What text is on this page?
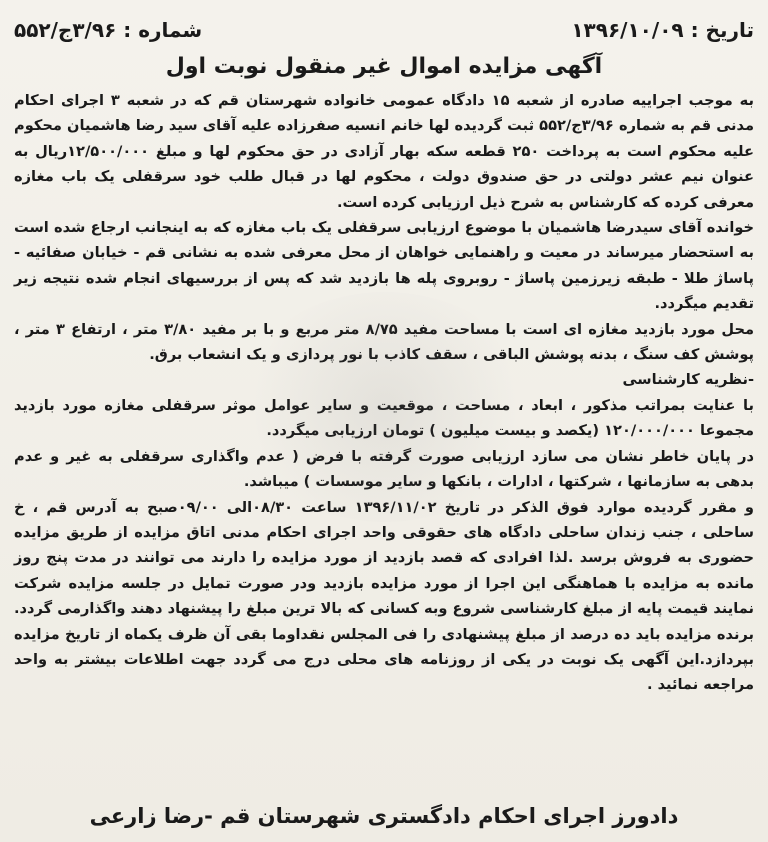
تاریخ : ۱۳۹۶/۱۰/۰۹
شماره : ۳/۹۶ج/۵۵۲
آگهی مزایده اموال غیر منقول نوبت اول

به موجب اجراییه صادره از شعبه ۱۵ دادگاه عمومی خانواده شهرستان قم که در شعبه ۳ اجرای احکام مدنی قم به شماره ۳/۹۶ج/۵۵۲ ثبت گردیده لها خانم انسیه صفرزاده علیه آقای سید رضا هاشمیان محکوم علیه محکوم است به پرداخت ۲۵۰ قطعه سکه بهار آزادی در حق محکوم لها و مبلغ ۱۲/۵۰۰/۰۰۰ریال به عنوان نیم عشر دولتی در حق صندوق دولت ، محکوم لها در قبال طلب خود سرقفلی یک باب مغازه معرفی کرده که کارشناس به شرح ذیل ارزیابی کرده است.

خوانده آقای سیدرضا هاشمیان با موضوع ارزیابی سرقفلی یک باب مغازه که به اینجانب ارجاع شده است به استحضار میرساند در معیت و راهنمایی خواهان از محل معرفی شده به نشانی قم - خیابان صفائیه - پاساژ طلا - طبقه زیرزمین پاساژ - روبروی پله ها بازدید شد که پس از بررسیهای انجام شده نتیجه زیر تقدیم میگردد.

محل مورد بازدید مغازه ای است با مساحت مفید ۸/۷۵ متر مربع و با بر مفید ۳/۸۰ متر ، ارتفاع ۳ متر ، پوشش کف سنگ ، بدنه پوشش الباقی ، سقف کاذب با نور پردازی و یک انشعاب برق.

-نظریه کارشناسی

با عنایت بمراتب مذکور ، ابعاد ، مساحت ، موقعیت و سایر عوامل موثر سرقفلی مغازه مورد بازدید مجموعا ۱۲۰/۰۰۰/۰۰۰ (یکصد و بیست میلیون ) تومان ارزیابی میگردد.

در پایان خاطر نشان می سازد ارزیابی صورت گرفته با فرض ( عدم واگذاری سرقفلی به غیر و عدم بدهی به سازمانها ، شرکتها ، ادارات ، بانکها و سایر موسسات ) میباشد.

و مقرر گردیده موارد فوق الذکر در تاریخ ۱۳۹۶/۱۱/۰۲ ساعت ۰۸/۳۰الی ۰۹/۰۰صبح به آدرس قم ، خ ساحلی ، جنب زندان ساحلی دادگاه های حقوقی واحد اجرای احکام مدنی اتاق مزایده از طریق مزایده حضوری به فروش برسد .لذا افرادی که قصد بازدید از مورد مزایده را دارند می توانند در مدت پنج روز مانده به مزایده با هماهنگی این اجرا از مورد مزایده بازدید ودر صورت تمایل در جلسه مزایده شرکت نمایند قیمت پایه از مبلغ کارشناسی شروع وبه کسانی که بالا ترین مبلغ را پیشنهاد دهند واگذارمی گردد. برنده مزایده باید ده درصد از مبلغ پیشنهادی را فی المجلس نقداوما بقی آن ظرف یکماه از تاریخ مزایده بپردازد.این آگهی یک نوبت در یکی از روزنامه های محلی درج می گردد جهت اطلاعات بیشتر به واحد مراجعه نمائید .

دادورز اجرای احکام دادگستری شهرستان قم -رضا زارعی
